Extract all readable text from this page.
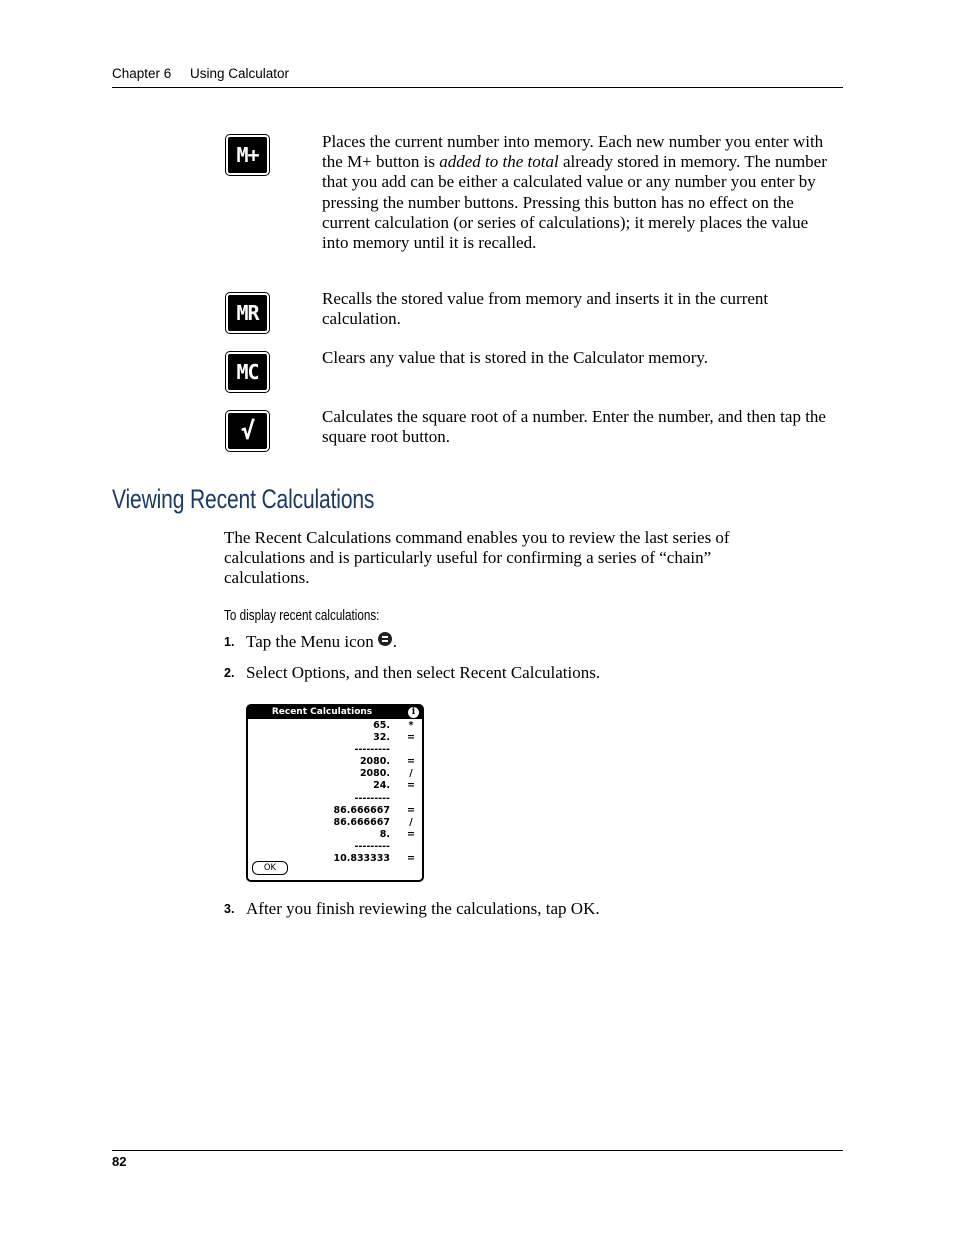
Chapter 6 Using Calculator
M+
Places the current number into memory. Each new number you enter with the M+ button is added to the total already stored in memory. The number that you add can be either a calculated value or any number you enter by pressing the number buttons. Pressing this button has no effect on the current calculation (or series of calculations); it merely places the value into memory until it is recalled.
MR
Recalls the stored value from memory and inserts it in the current calculation.
MC
Clears any value that is stored in the Calculator memory.
√
Calculates the square root of a number. Enter the number, and then tap the square root button.
Viewing Recent Calculations
The Recent Calculations command enables you to review the last series of calculations and is particularly useful for confirming a series of “chain” calculations.
To display recent calculations:
1. Tap the Menu icon .
2. Select Options, and then select Recent Calculations.
Recent Calculations	i
65. *
32. =
---------
2080. =
2080.	/
24. =
---------
86.666667 =
86.666667	/
8. =
---------
10.833333 =
OK
3. After you finish reviewing the calculations, tap OK.
82
